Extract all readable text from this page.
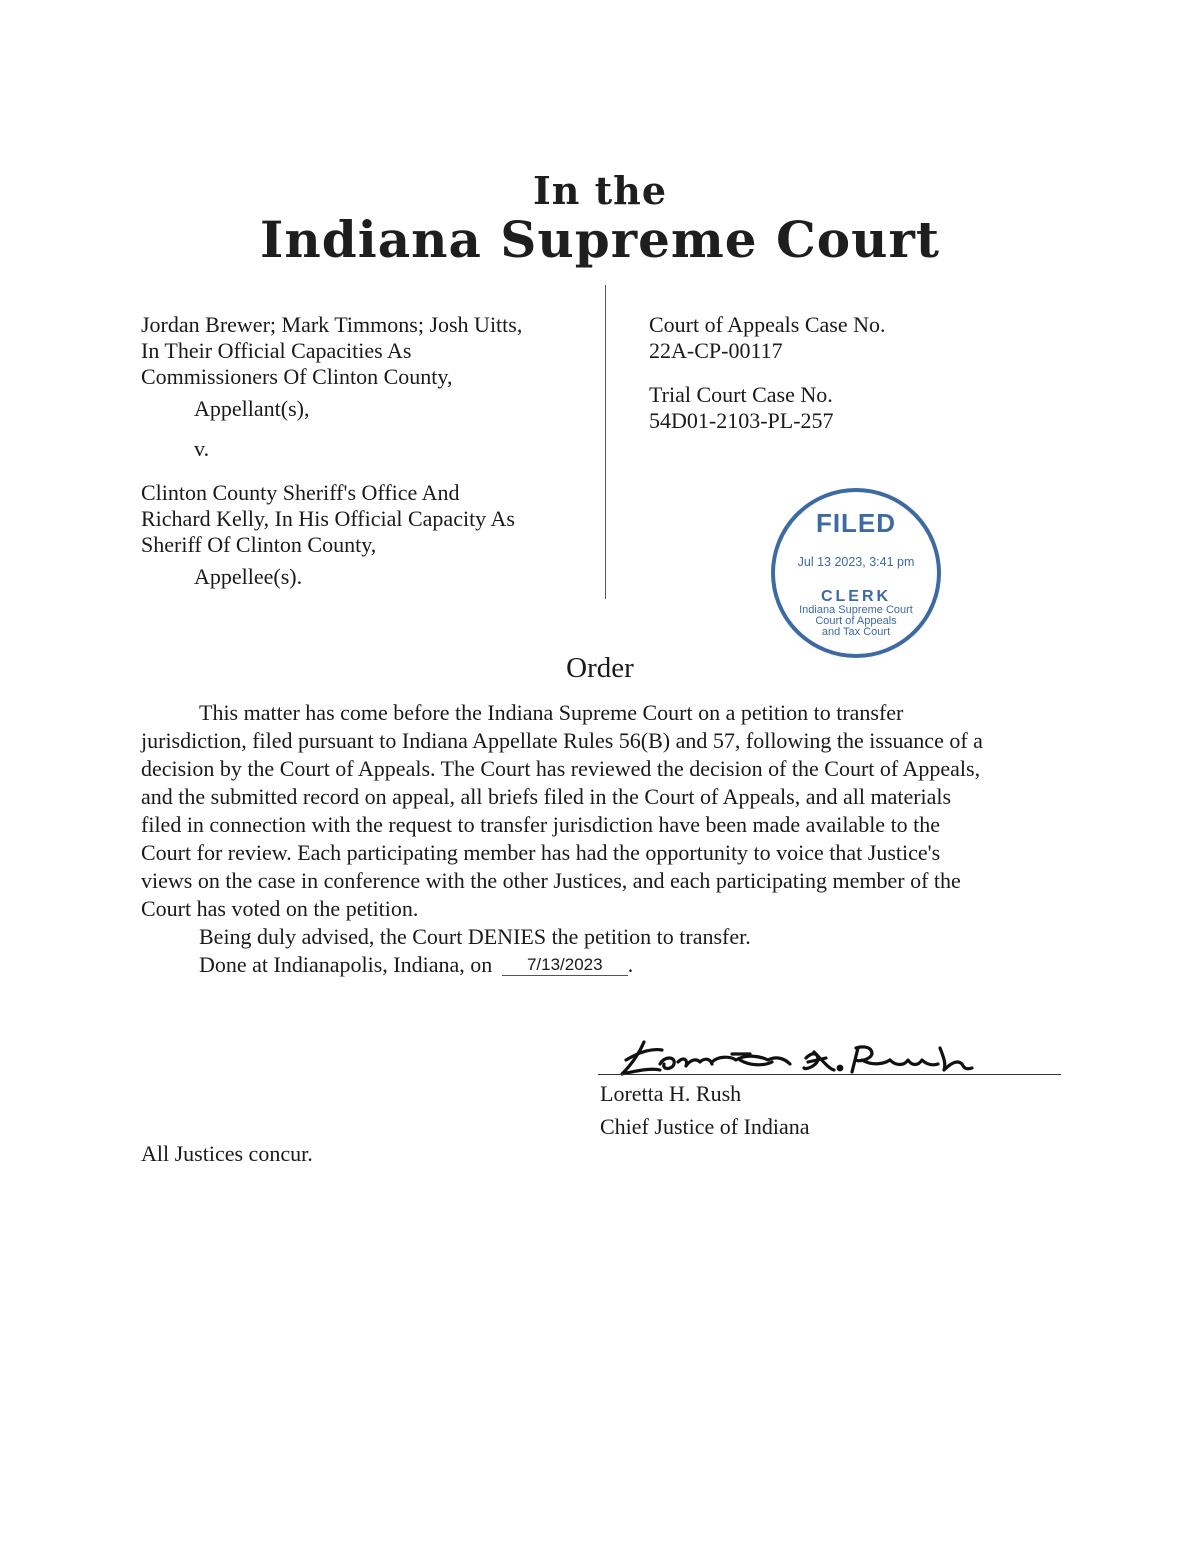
In the
Indiana Supreme Court
Jordan Brewer; Mark Timmons; Josh Uitts,
In Their Official Capacities As
Commissioners Of Clinton County,
Appellant(s),
v.
Clinton County Sheriff's Office And
Richard Kelly, In His Official Capacity As
Sheriff Of Clinton County,
Appellee(s).
Court of Appeals Case No.
22A-CP-00117
Trial Court Case No.
54D01-2103-PL-257
FILED
Jul 13 2023, 3:41 pm
CLERK
Indiana Supreme Court
Court of Appeals
and Tax Court
Order
This matter has come before the Indiana Supreme Court on a petition to transfer
jurisdiction, filed pursuant to Indiana Appellate Rules 56(B) and 57, following the issuance of a
decision by the Court of Appeals. The Court has reviewed the decision of the Court of Appeals,
and the submitted record on appeal, all briefs filed in the Court of Appeals, and all materials
filed in connection with the request to transfer jurisdiction have been made available to the
Court for review. Each participating member has had the opportunity to voice that Justice's
views on the case in conference with the other Justices, and each participating member of the
Court has voted on the petition.
Being duly advised, the Court DENIES the petition to transfer.
Done at Indianapolis, Indiana, on 7/13/2023 .
Loretta H. Rush
Chief Justice of Indiana
All Justices concur.
